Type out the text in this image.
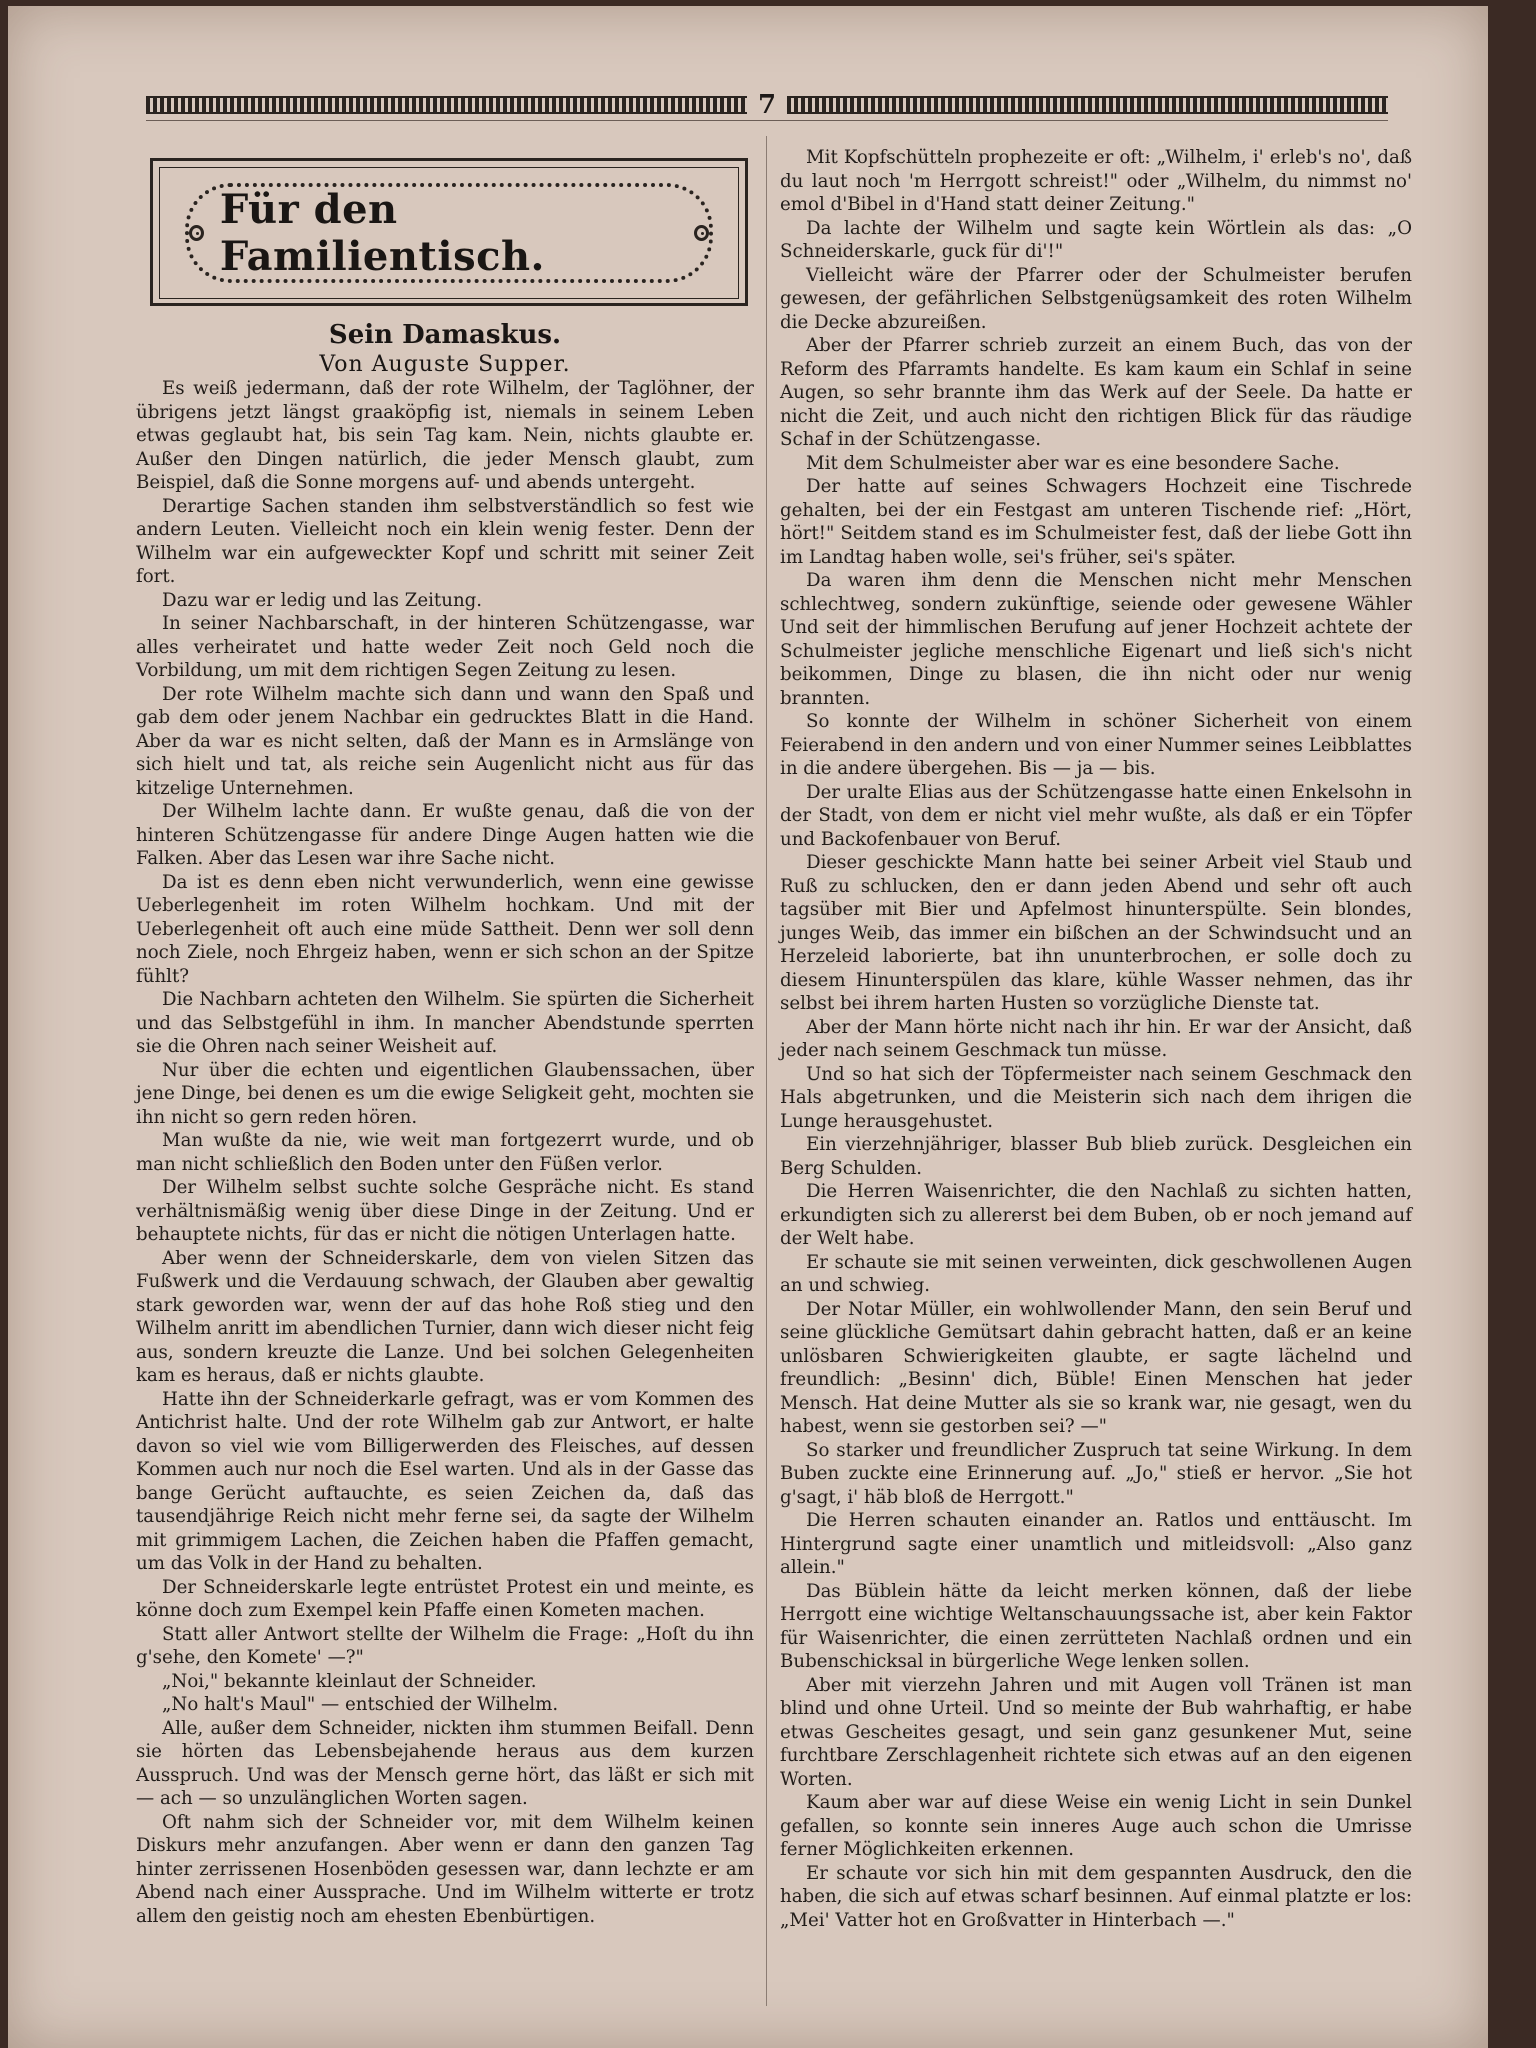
7
Für den Familientisch.
Sein Damaskus.
Von Auguste Supper.

Es weiß jedermann, daß der rote Wilhelm, der Taglöhner, der übrigens jetzt längst graaköpfig ist, niemals in seinem Leben etwas geglaubt hat, bis sein Tag kam. Nein, nichts glaubte er. Außer den Dingen natürlich, die jeder Mensch glaubt, zum Beispiel, daß die Sonne morgens auf- und abends untergeht.

Derartige Sachen standen ihm selbstverständlich so fest wie andern Leuten. Vielleicht noch ein klein wenig fester. Denn der Wilhelm war ein aufgeweckter Kopf und schritt mit seiner Zeit fort.

Dazu war er ledig und las Zeitung.

In seiner Nachbarschaft, in der hinteren Schützengasse, war alles verheiratet und hatte weder Zeit noch Geld noch die Vorbildung, um mit dem richtigen Segen Zeitung zu lesen.

Der rote Wilhelm machte sich dann und wann den Spaß und gab dem oder jenem Nachbar ein gedrucktes Blatt in die Hand. Aber da war es nicht selten, daß der Mann es in Armslänge von sich hielt und tat, als reiche sein Augenlicht nicht aus für das kitzelige Unternehmen.

Der Wilhelm lachte dann. Er wußte genau, daß die von der hinteren Schützengasse für andere Dinge Augen hatten wie die Falken. Aber das Lesen war ihre Sache nicht.

Da ist es denn eben nicht verwunderlich, wenn eine gewisse Ueberlegenheit im roten Wilhelm hochkam. Und mit der Ueberlegenheit oft auch eine müde Sattheit. Denn wer soll denn noch Ziele, noch Ehrgeiz haben, wenn er sich schon an der Spitze fühlt?

Die Nachbarn achteten den Wilhelm. Sie spürten die Sicherheit und das Selbstgefühl in ihm. In mancher Abendstunde sperrten sie die Ohren nach seiner Weisheit auf.

Nur über die echten und eigentlichen Glaubenssachen, über jene Dinge, bei denen es um die ewige Seligkeit geht, mochten sie ihn nicht so gern reden hören.

Man wußte da nie, wie weit man fortgezerrt wurde, und ob man nicht schließlich den Boden unter den Füßen verlor.

Der Wilhelm selbst suchte solche Gespräche nicht. Es stand verhältnismäßig wenig über diese Dinge in der Zeitung. Und er behauptete nichts, für das er nicht die nötigen Unterlagen hatte.

Aber wenn der Schneiderskarle, dem von vielen Sitzen das Fußwerk und die Verdauung schwach, der Glauben aber gewaltig stark geworden war, wenn der auf das hohe Roß stieg und den Wilhelm anritt im abendlichen Turnier, dann wich dieser nicht feig aus, sondern kreuzte die Lanze. Und bei solchen Gelegenheiten kam es heraus, daß er nichts glaubte.

Hatte ihn der Schneiderkarle gefragt, was er vom Kommen des Antichrist halte. Und der rote Wilhelm gab zur Antwort, er halte davon so viel wie vom Billigerwerden des Fleisches, auf dessen Kommen auch nur noch die Esel warten. Und als in der Gasse das bange Gerücht auftauchte, es seien Zeichen da, daß das tausendjährige Reich nicht mehr ferne sei, da sagte der Wilhelm mit grimmigem Lachen, die Zeichen haben die Pfaffen gemacht, um das Volk in der Hand zu behalten.

Der Schneiderskarle legte entrüstet Protest ein und meinte, es könne doch zum Exempel kein Pfaffe einen Kometen machen.

Statt aller Antwort stellte der Wilhelm die Frage: „Hoſt du ihn g'sehe, den Komete' —?"

„Noi," bekannte kleinlaut der Schneider.

„No halt's Maul" — entschied der Wilhelm.

Alle, außer dem Schneider, nickten ihm stummen Beifall. Denn sie hörten das Lebensbejahende heraus aus dem kurzen Ausspruch. Und was der Mensch gerne hört, das läßt er sich mit — ach — so unzulänglichen Worten sagen.

Oft nahm sich der Schneider vor, mit dem Wilhelm keinen Diskurs mehr anzufangen. Aber wenn er dann den ganzen Tag hinter zerrissenen Hosenböden gesessen war, dann lechzte er am Abend nach einer Aussprache. Und im Wilhelm witterte er trotz allem den geistig noch am ehesten Ebenbürtigen.

Mit Kopfschütteln prophezeite er oft: „Wilhelm, i' erleb's no', daß du laut noch 'm Herrgott schreist!" oder „Wilhelm, du nimmst no' emol d'Bibel in d'Hand statt deiner Zeitung."

Da lachte der Wilhelm und sagte kein Wörtlein als das: „O Schneiderskarle, guck für di'!"

Vielleicht wäre der Pfarrer oder der Schulmeister berufen gewesen, der gefährlichen Selbstgenügsamkeit des roten Wilhelm die Decke abzureißen.

Aber der Pfarrer schrieb zurzeit an einem Buch, das von der Reform des Pfarramts handelte. Es kam kaum ein Schlaf in seine Augen, so sehr brannte ihm das Werk auf der Seele. Da hatte er nicht die Zeit, und auch nicht den richtigen Blick für das räudige Schaf in der Schützengasse.

Mit dem Schulmeister aber war es eine besondere Sache.

Der hatte auf seines Schwagers Hochzeit eine Tischrede gehalten, bei der ein Festgast am unteren Tischende rief: „Hört, hört!" Seitdem stand es im Schulmeister fest, daß der liebe Gott ihn im Landtag haben wolle, sei's früher, sei's später.

Da waren ihm denn die Menschen nicht mehr Menschen schlechtweg, sondern zukünftige, seiende oder gewesene Wähler Und seit der himmlischen Berufung auf jener Hochzeit achtete der Schulmeister jegliche menschliche Eigenart und ließ sich's nicht beikommen, Dinge zu blasen, die ihn nicht oder nur wenig brannten.

So konnte der Wilhelm in schöner Sicherheit von einem Feierabend in den andern und von einer Nummer seines Leibblattes in die andere übergehen. Bis — ja — bis.

Der uralte Elias aus der Schützengasse hatte einen Enkelsohn in der Stadt, von dem er nicht viel mehr wußte, als daß er ein Töpfer und Backofenbauer von Beruf.

Dieser geschickte Mann hatte bei seiner Arbeit viel Staub und Ruß zu schlucken, den er dann jeden Abend und sehr oft auch tagsüber mit Bier und Apfelmost hinunterspülte. Sein blondes, junges Weib, das immer ein bißchen an der Schwindsucht und an Herzeleid laborierte, bat ihn ununterbrochen, er solle doch zu diesem Hinunterspülen das klare, kühle Wasser nehmen, das ihr selbst bei ihrem harten Husten so vorzügliche Dienste tat.

Aber der Mann hörte nicht nach ihr hin. Er war der Ansicht, daß jeder nach seinem Geschmack tun müsse.

Und so hat sich der Töpfermeister nach seinem Geschmack den Hals abgetrunken, und die Meisterin sich nach dem ihrigen die Lunge herausgehustet.

Ein vierzehnjähriger, blasser Bub blieb zurück. Desgleichen ein Berg Schulden.

Die Herren Waisenrichter, die den Nachlaß zu sichten hatten, erkundigten sich zu allererst bei dem Buben, ob er noch jemand auf der Welt habe.

Er schaute sie mit seinen verweinten, dick geschwollenen Augen an und schwieg.

Der Notar Müller, ein wohlwollender Mann, den sein Beruf und seine glückliche Gemütsart dahin gebracht hatten, daß er an keine unlösbaren Schwierigkeiten glaubte, er sagte lächelnd und freundlich: „Besinn' dich, Büble! Einen Menschen hat jeder Mensch. Hat deine Mutter als sie so krank war, nie gesagt, wen du habest, wenn sie gestorben sei? —"

So starker und freundlicher Zuspruch tat seine Wirkung. In dem Buben zuckte eine Erinnerung auf. „Jo," stieß er hervor. „Sie hot g'sagt, i' häb bloß de Herrgott."

Die Herren schauten einander an. Ratlos und enttäuscht. Im Hintergrund sagte einer unamtlich und mitleidsvoll: „Also ganz allein."

Das Büblein hätte da leicht merken können, daß der liebe Herrgott eine wichtige Weltanschauungssache ist, aber kein Faktor für Waisenrichter, die einen zerrütteten Nachlaß ordnen und ein Bubenschicksal in bürgerliche Wege lenken sollen.

Aber mit vierzehn Jahren und mit Augen voll Tränen ist man blind und ohne Urteil. Und so meinte der Bub wahrhaftig, er habe etwas Gescheites gesagt, und sein ganz gesunkener Mut, seine furchtbare Zerschlagenheit richtete sich etwas auf an den eigenen Worten.

Kaum aber war auf diese Weise ein wenig Licht in sein Dunkel gefallen, so konnte sein inneres Auge auch schon die Umrisse ferner Möglichkeiten erkennen.

Er schaute vor sich hin mit dem gespannten Ausdruck, den die haben, die sich auf etwas scharf besinnen. Auf einmal platzte er los: „Mei' Vatter hot en Großvatter in Hinterbach —."
